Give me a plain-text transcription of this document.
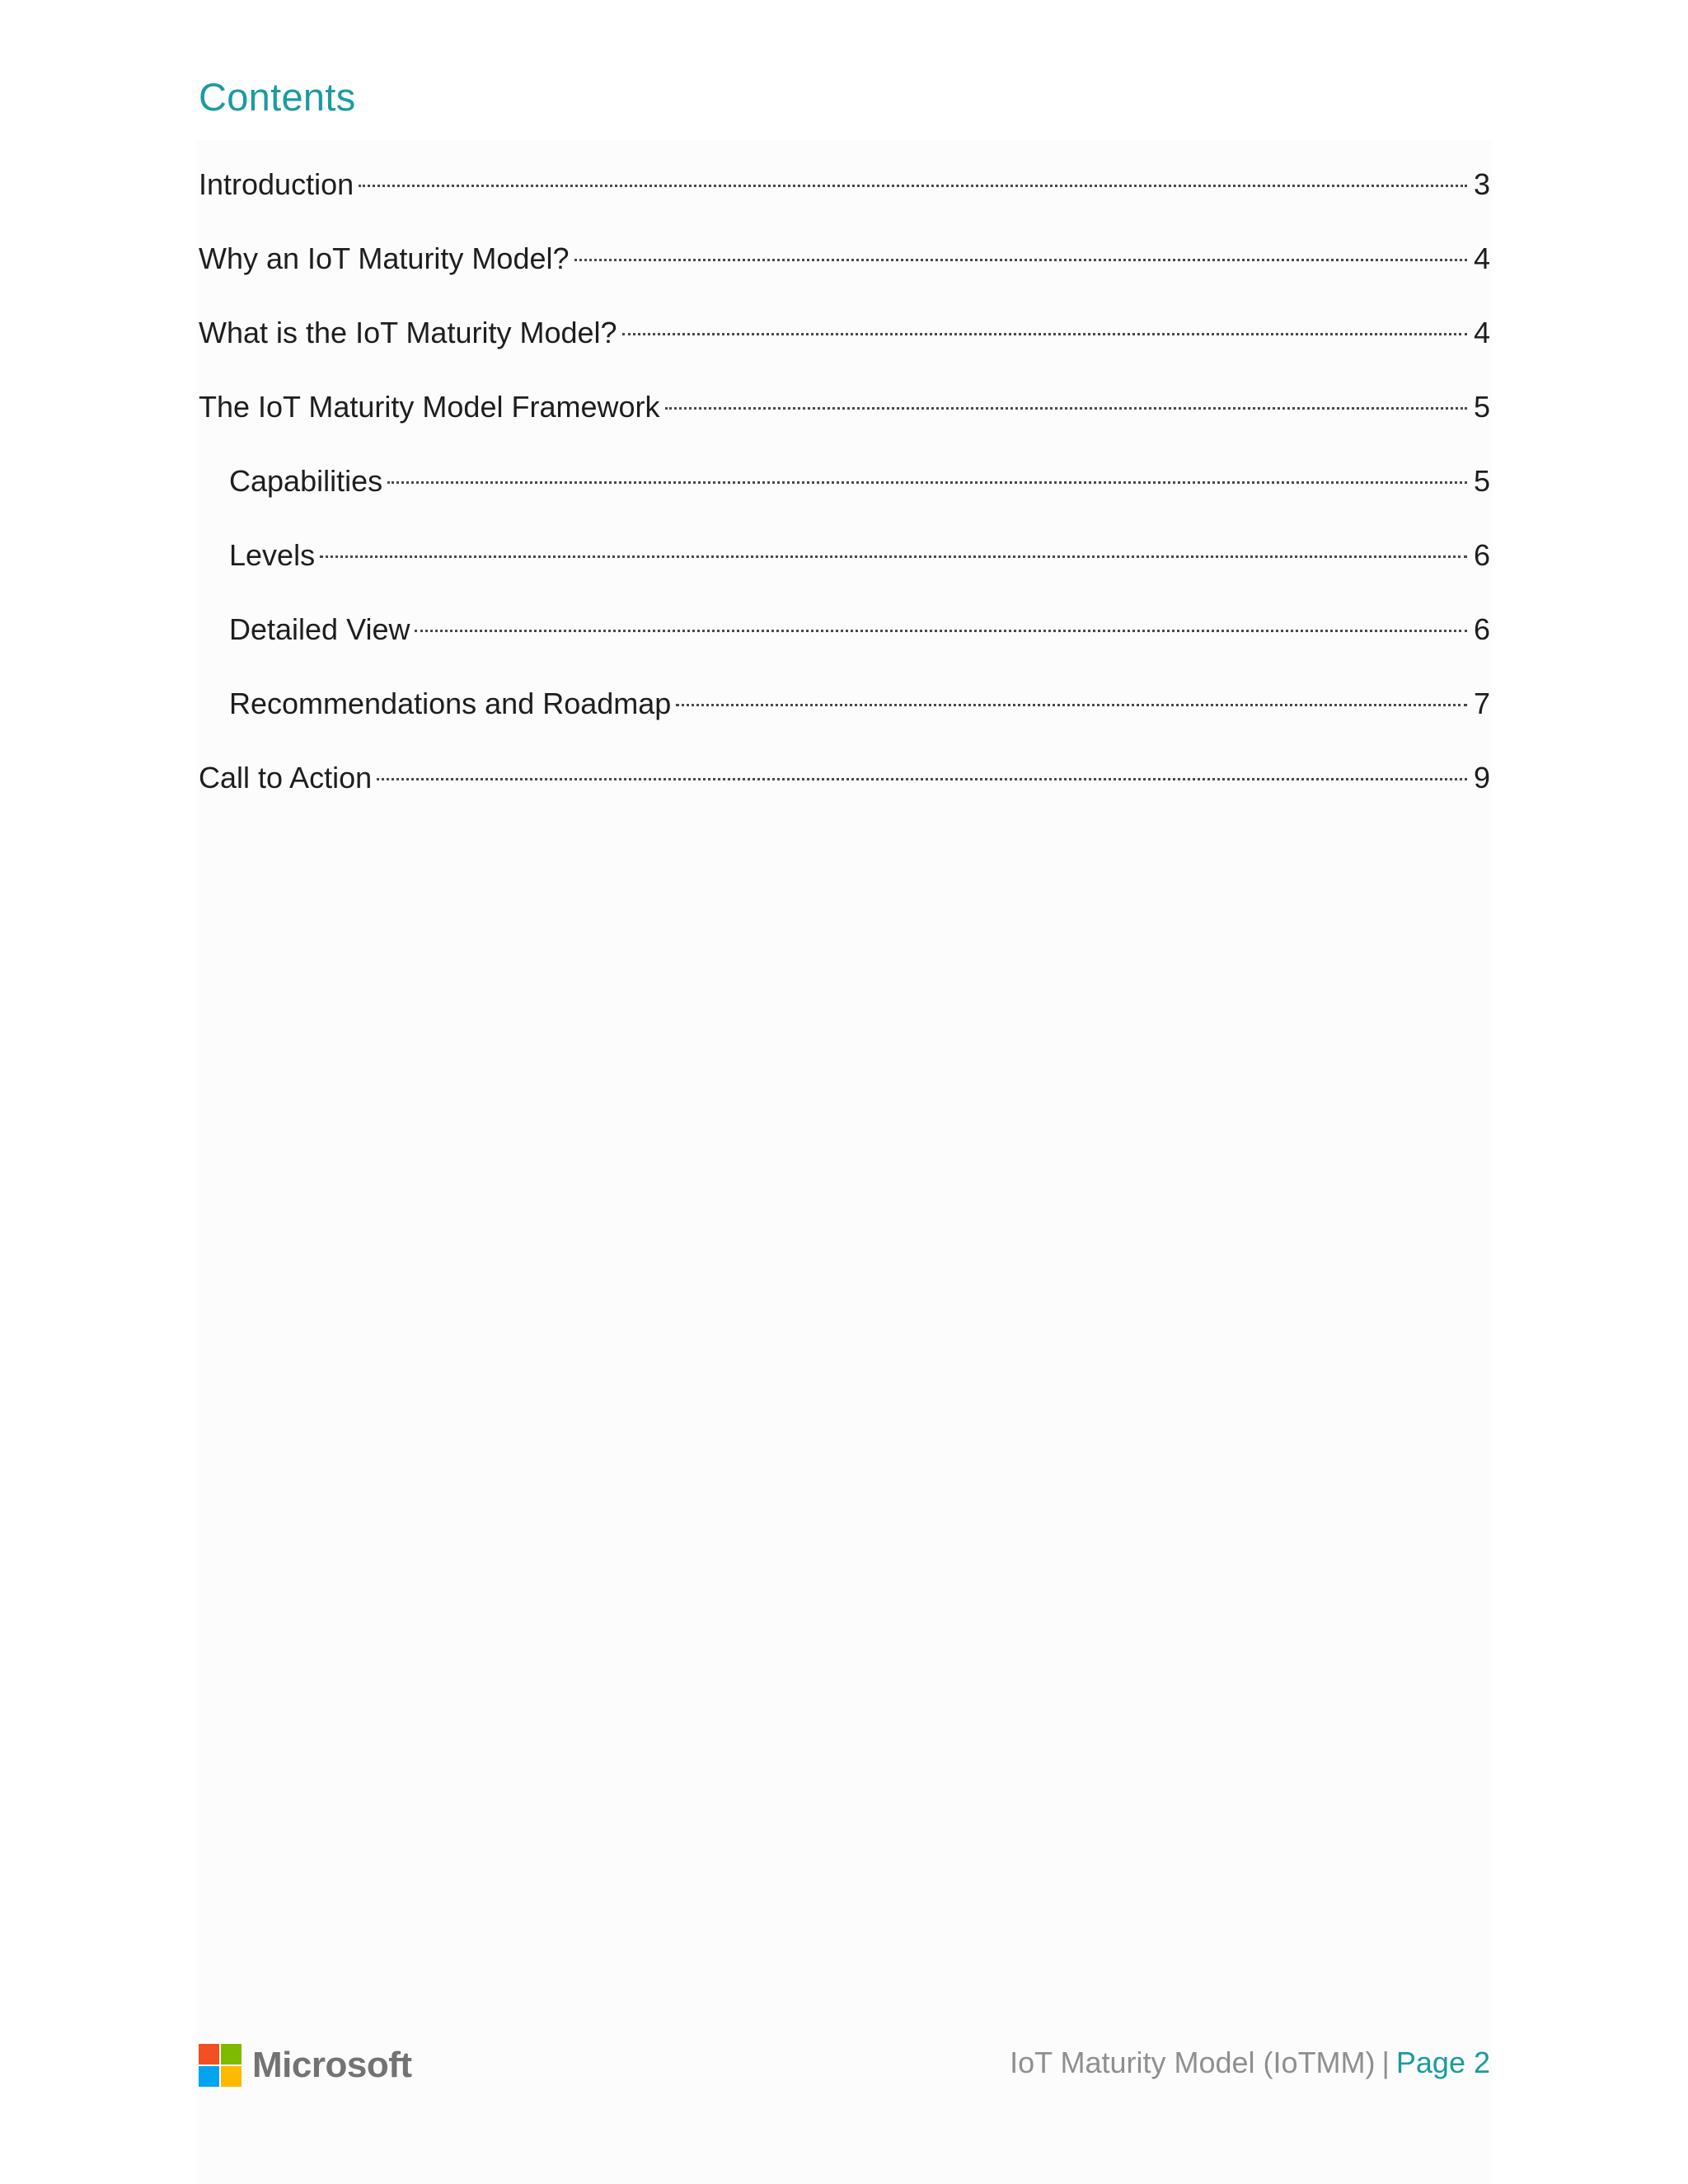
Contents
Introduction	3
Why an IoT Maturity Model?	4
What is the IoT Maturity Model?	4
The IoT Maturity Model Framework	5
Capabilities	5
Levels	6
Detailed View	6
Recommendations and Roadmap	7
Call to Action	9
Microsoft	IoT Maturity Model (IoTMM) | Page 2
